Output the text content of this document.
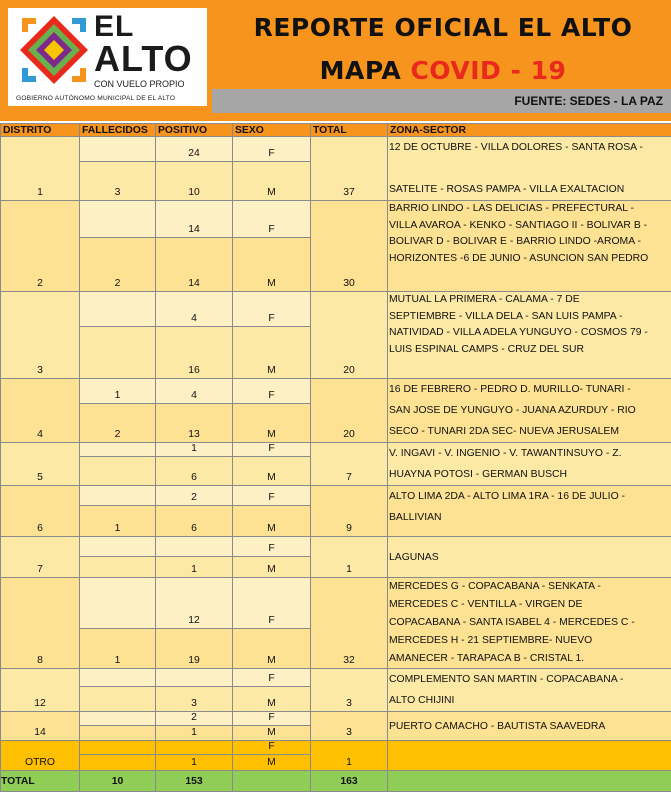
EL
ALTO
CON VUELO PROPIO
GOBIERNO AUTÓNOMO MUNICIPAL DE EL ALTO
REPORTE OFICIAL EL ALTO
MAPA COVID - 19
FUENTE: SEDES - LA PAZ
DISTRITO	FALLECIDOS	POSITIVO	SEXO	TOTAL	ZONA-SECTOR
1		24	F	37	12 DE OCTUBRE - VILLA DOLORES - SANTA ROSA -

SATELITE - ROSAS PAMPA - VILLA EXALTACION

	3	10	M		
2		14	F	30	BARRIO LINDO - LAS DELICIAS - PREFECTURAL -
VILLA AVAROA - KENKO - SANTIAGO II - BOLIVAR B -
BOLIVAR D - BOLIVAR E - BARRIO LINDO -AROMA -
HORIZONTES -6 DE JUNIO - ASUNCION SAN PEDRO

	2	14	M		
3		4	F	20	MUTUAL LA PRIMERA - CALAMA - 7 DE
SEPTIEMBRE - VILLA DELA - SAN LUIS PAMPA -
NATIVIDAD - VILLA ADELA YUNGUYO - COSMOS 79 -
LUIS ESPINAL CAMPS - CRUZ DEL SUR

		16	M		
4	1	4	F	20	16 DE FEBRERO - PEDRO D. MURILLO- TUNARI -
SAN JOSE DE YUNGUYO - JUANA AZURDUY - RIO
SECO - TUNARI 2DA SEC- NUEVA JERUSALEM

	2	13	M		
5		1	F	7	V. INGAVI - V. INGENIO - V. TAWANTINSUYO - Z.
HUAYNA POTOSI - GERMAN BUSCH

		6	M		
6		2	F	9	ALTO LIMA 2DA - ALTO LIMA 1RA - 16 DE JULIO -
BALLIVIAN

	1	6	M		
7			F	1	LAGUNAS

		1	M		
8		12	F	32	MERCEDES G - COPACABANA - SENKATA -
MERCEDES C - VENTILLA - VIRGEN DE
COPACABANA - SANTA ISABEL 4 - MERCEDES C -
MERCEDES H - 21 SEPTIEMBRE- NUEVO
AMANECER - TARAPACA B - CRISTAL 1.

	1	19	M		
12			F	3	COMPLEMENTO SAN MARTIN - COPACABANA -
ALTO CHIJINI

		3	M		
14		2	F	3	PUERTO CAMACHO - BAUTISTA SAAVEDRA

		1	M		
OTRO			F	1	
		1	M		
TOTAL	10	153		163	
